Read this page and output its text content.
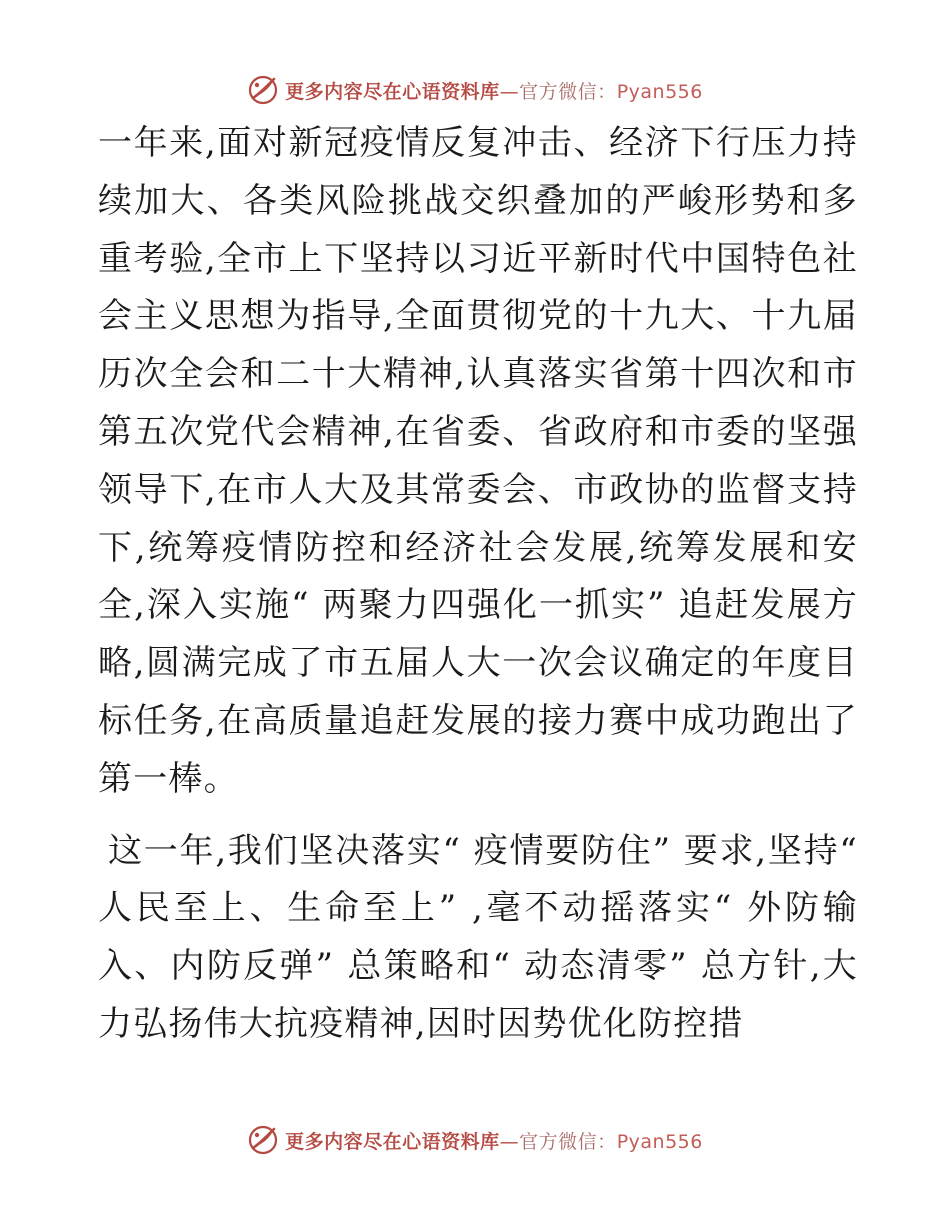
更多内容尽在心语资料库—官方微信：Pyan556

一年来,面对新冠疫情反复冲击、经济下行压力持续加大、各类风险挑战交织叠加的严峻形势和多重考验,全市上下坚持以习近平新时代中国特色社会主义思想为指导,全面贯彻党的十九大、十九届历次全会和二十大精神,认真落实省第十四次和市第五次党代会精神,在省委、省政府和市委的坚强领导下,在市人大及其常委会、市政协的监督支持下,统筹疫情防控和经济社会发展,统筹发展和安全,深入实施“ 两聚力四强化一抓实” 追赶发展方略,圆满完成了市五届人大一次会议确定的年度目标任务,在高质量追赶发展的接力赛中成功跑出了第一棒。

这一年,我们坚决落实“ 疫情要防住” 要求,坚持“ 人民至上、生命至上” ,毫不动摇落实“ 外防输入、内防反弹” 总策略和“ 动态清零” 总方针,大力弘扬伟大抗疫精神,因时因势优化防控措

更多内容尽在心语资料库—官方微信：Pyan556
